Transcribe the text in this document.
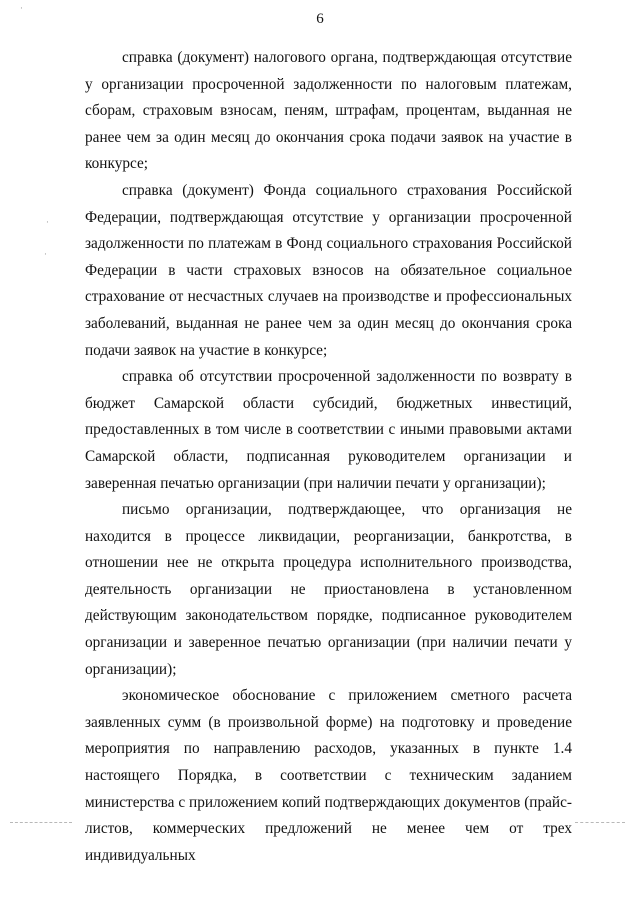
·
·
·
6

справка (документ) налогового органа, подтверждающая отсутствие у организации просроченной задолженности по налоговым платежам, сборам, страховым взносам, пеням, штрафам, процентам, выданная не ранее чем за один месяц до окончания срока подачи заявок на участие в конкурсе;

справка (документ) Фонда социального страхования Российской Федерации, подтверждающая отсутствие у организации просроченной задолженности по платежам в Фонд социального страхования Российской Федерации в части страховых взносов на обязательное социальное страхование от несчастных случаев на производстве и профессиональных заболеваний, выданная не ранее чем за один месяц до окончания срока подачи заявок на участие в конкурсе;

справка об отсутствии просроченной задолженности по возврату в бюджет Самарской области субсидий, бюджетных инвестиций, предоставленных в том числе в соответствии с иными правовыми актами Самарской области, подписанная руководителем организации и заверенная печатью организации (при наличии печати у организации);

письмо организации, подтверждающее, что организация не находится в процессе ликвидации, реорганизации, банкротства, в отношении нее не открыта процедура исполнительного производства, деятельность организации не приостановлена в установленном действующим законодательством порядке, подписанное руководителем организации и заверенное печатью организации (при наличии печати у организации);

экономическое обоснование с приложением сметного расчета заявленных сумм (в произвольной форме) на подготовку и проведение мероприятия по направлению расходов, указанных в пункте 1.4 настоящего Порядка, в соответствии с техническим заданием министерства с приложением копий подтверждающих документов (прайс-листов, коммерческих предложений не менее чем от трех индивидуальных
